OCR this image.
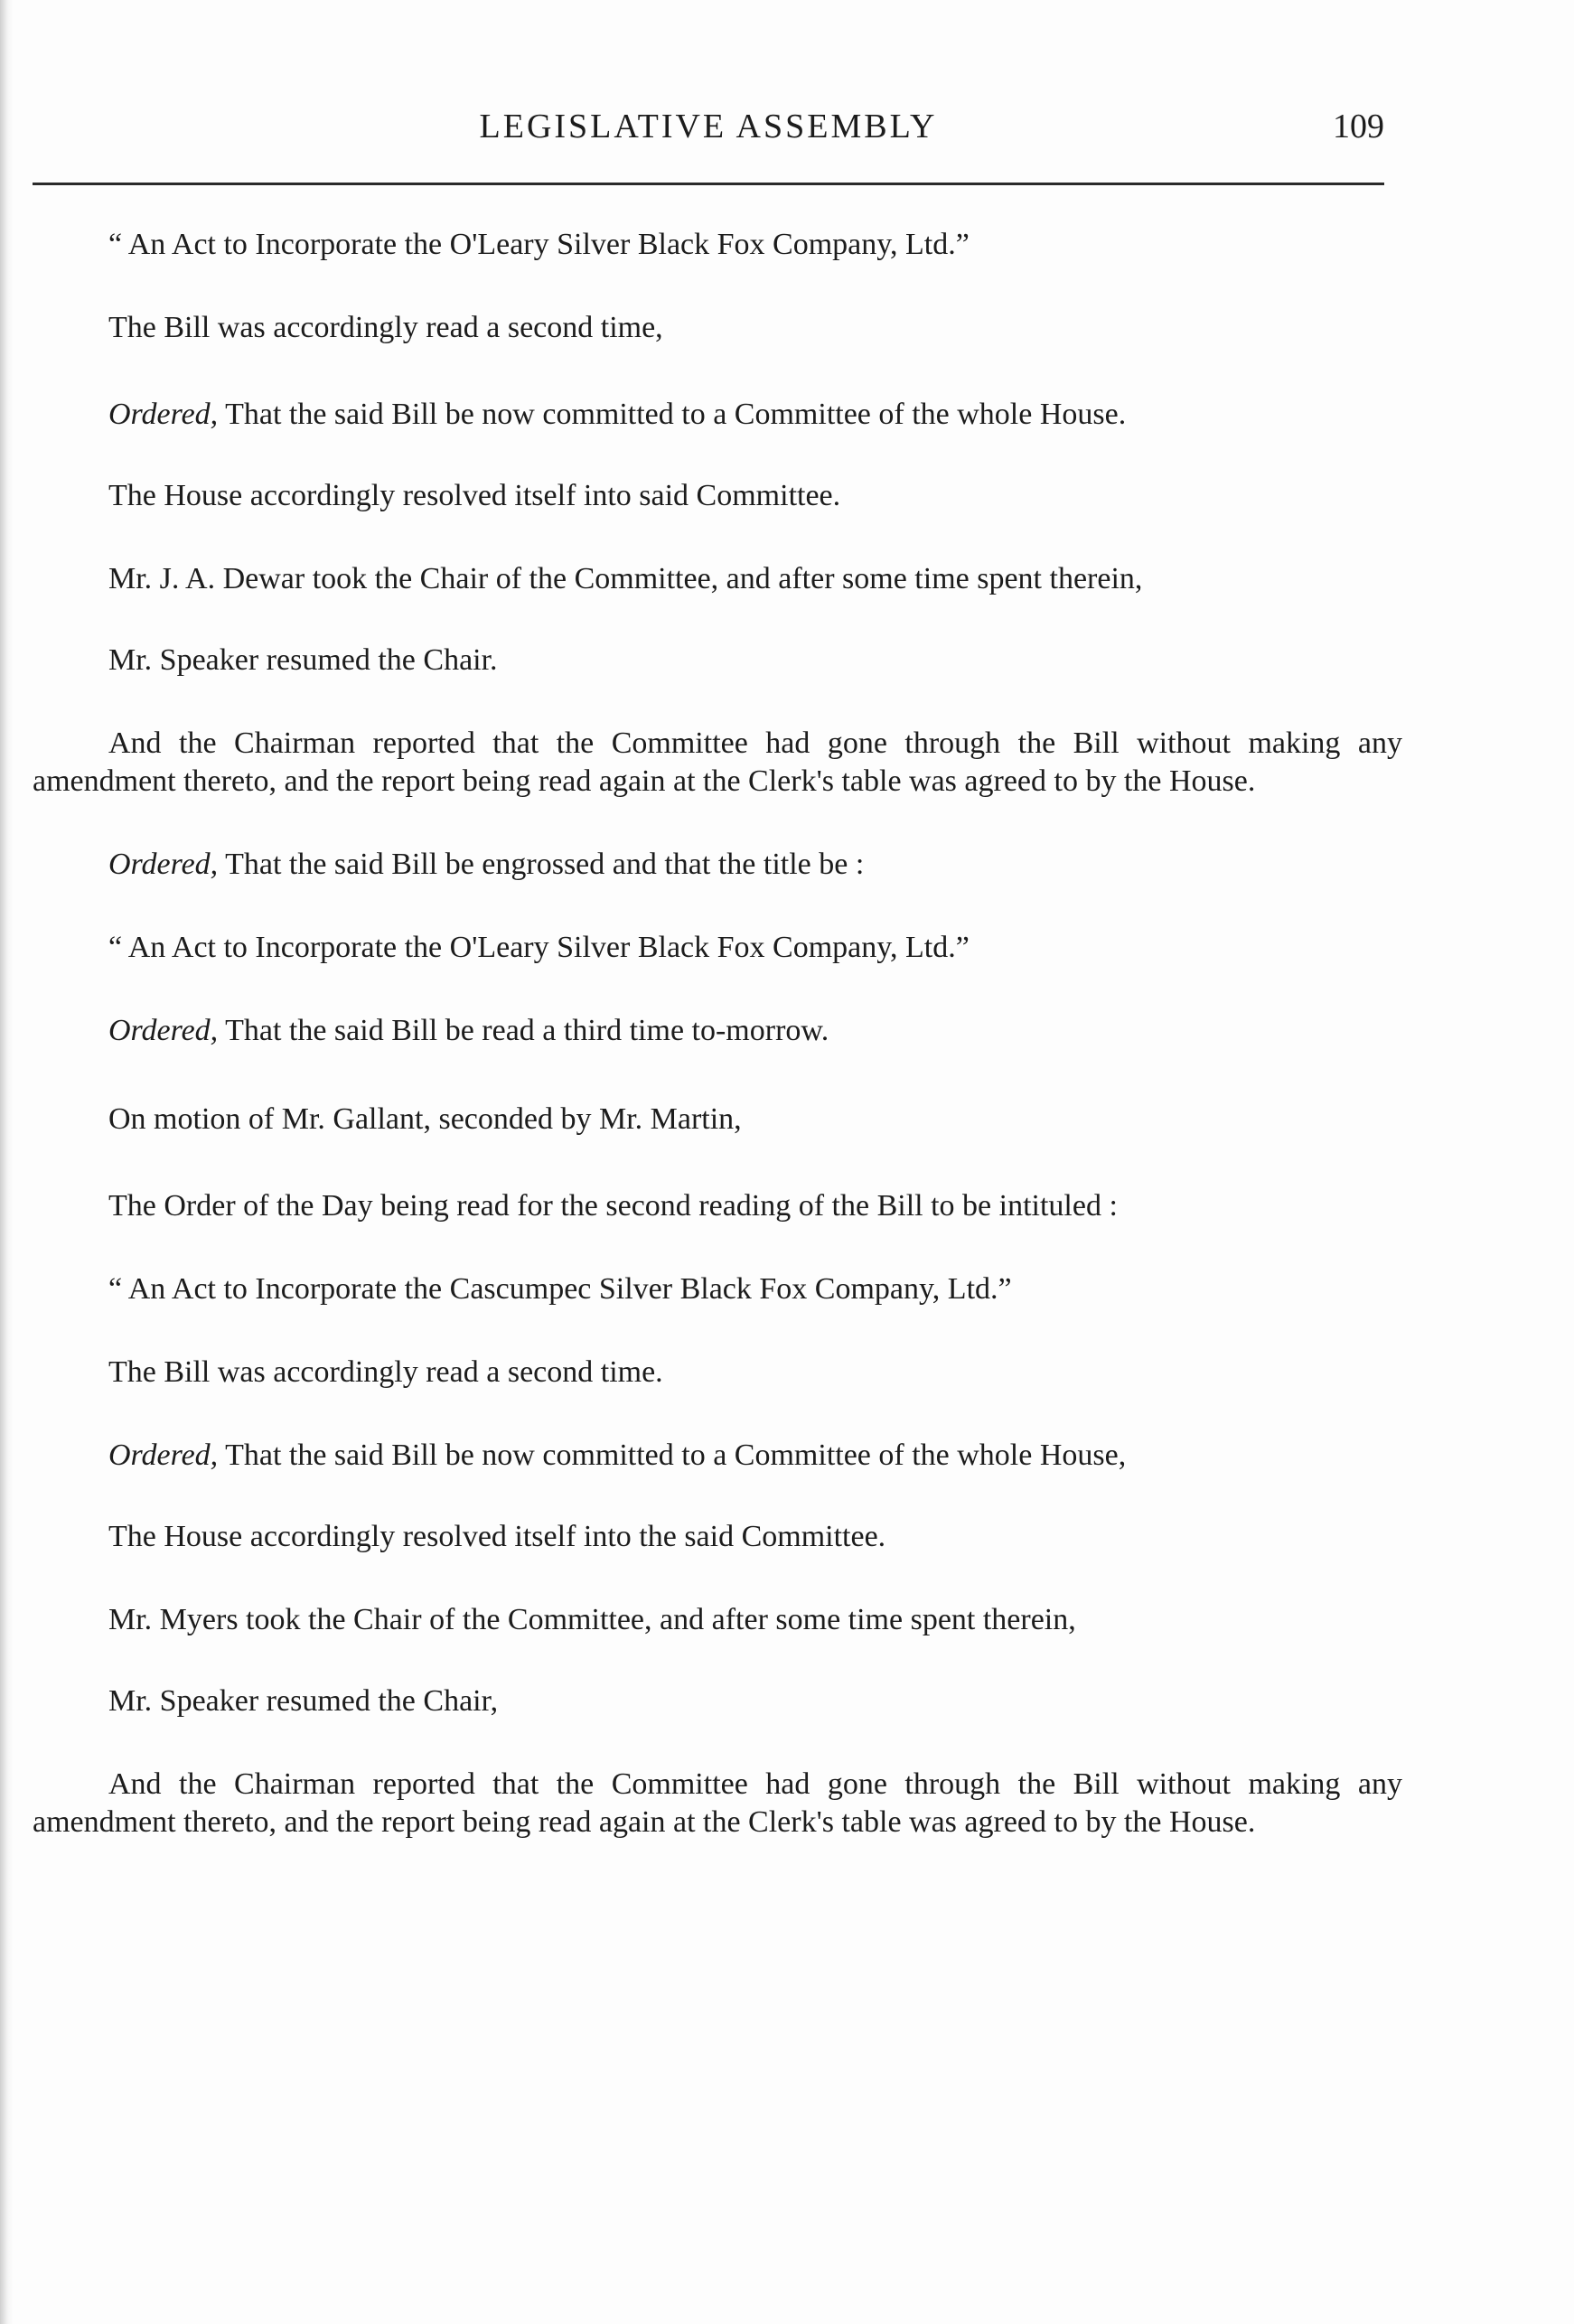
LEGISLATIVE ASSEMBLY	109

“ An Act to Incorporate the O'Leary Silver Black Fox Company, Ltd.”

The Bill was accordingly read a second time,

Ordered, That the said Bill be now committed to a Committee of the whole House.

The House accordingly resolved itself into said Committee.

Mr. J. A. Dewar took the Chair of the Committee, and after some time spent therein,

Mr. Speaker resumed the Chair.

And the Chairman reported that the Committee had gone through the Bill without making any amendment thereto, and the report being read again at the Clerk's table was agreed to by the House.

Ordered, That the said Bill be engrossed and that the title be :

“ An Act to Incorporate the O'Leary Silver Black Fox Company, Ltd.”

Ordered, That the said Bill be read a third time to-morrow.

On motion of Mr. Gallant, seconded by Mr. Martin,

The Order of the Day being read for the second reading of the Bill to be intituled :

“ An Act to Incorporate the Cascumpec Silver Black Fox Company, Ltd.”

The Bill was accordingly read a second time.

Ordered, That the said Bill be now committed to a Committee of the whole House,

The House accordingly resolved itself into the said Committee.

Mr. Myers took the Chair of the Committee, and after some time spent therein,

Mr. Speaker resumed the Chair,

And the Chairman reported that the Committee had gone through the Bill without making any amendment thereto, and the report being read again at the Clerk's table was agreed to by the House.
